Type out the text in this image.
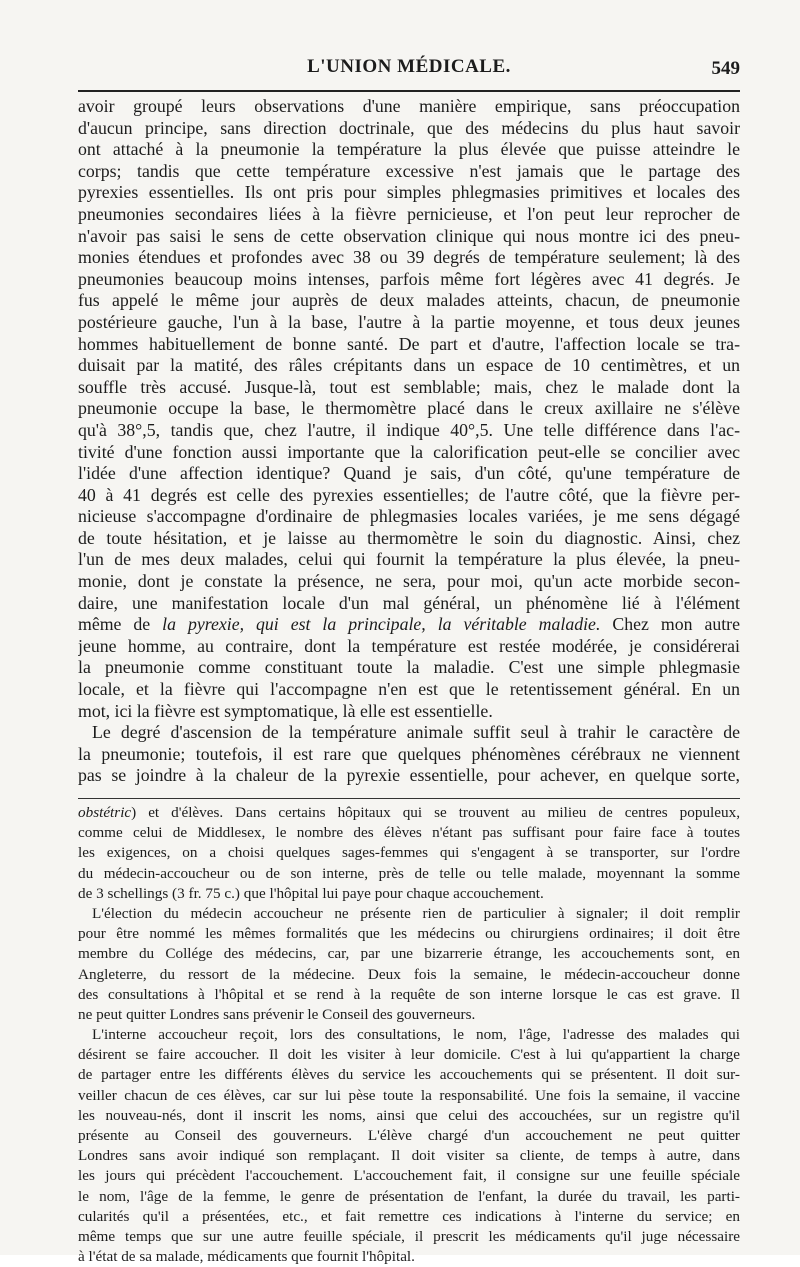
L'UNION MÉDICALE.	549
avoir groupé leurs observations d'une manière empirique, sans préoccupation
d'aucun principe, sans direction doctrinale, que des médecins du plus haut savoir
ont attaché à la pneumonie la température la plus élevée que puisse atteindre le
corps; tandis que cette température excessive n'est jamais que le partage des
pyrexies essentielles. Ils ont pris pour simples phlegmasies primitives et locales des
pneumonies secondaires liées à la fièvre pernicieuse, et l'on peut leur reprocher de
n'avoir pas saisi le sens de cette observation clinique qui nous montre ici des pneu-
monies étendues et profondes avec 38 ou 39 degrés de température seulement; là des
pneumonies beaucoup moins intenses, parfois même fort légères avec 41 degrés. Je
fus appelé le même jour auprès de deux malades atteints, chacun, de pneumonie
postérieure gauche, l'un à la base, l'autre à la partie moyenne, et tous deux jeunes
hommes habituellement de bonne santé. De part et d'autre, l'affection locale se tra-
duisait par la matité, des râles crépitants dans un espace de 10 centimètres, et un
souffle très accusé. Jusque-là, tout est semblable; mais, chez le malade dont la
pneumonie occupe la base, le thermomètre placé dans le creux axillaire ne s'élève
qu'à 38°,5, tandis que, chez l'autre, il indique 40°,5. Une telle différence dans l'ac-
tivité d'une fonction aussi importante que la calorification peut-elle se concilier avec
l'idée d'une affection identique? Quand je sais, d'un côté, qu'une température de
40 à 41 degrés est celle des pyrexies essentielles; de l'autre côté, que la fièvre per-
nicieuse s'accompagne d'ordinaire de phlegmasies locales variées, je me sens dégagé
de toute hésitation, et je laisse au thermomètre le soin du diagnostic. Ainsi, chez
l'un de mes deux malades, celui qui fournit la température la plus élevée, la pneu-
monie, dont je constate la présence, ne sera, pour moi, qu'un acte morbide secon-
daire, une manifestation locale d'un mal général, un phénomène lié à l'élément
même de la pyrexie, qui est la principale, la véritable maladie. Chez mon autre
jeune homme, au contraire, dont la température est restée modérée, je considérerai
la pneumonie comme constituant toute la maladie. C'est une simple phlegmasie
locale, et la fièvre qui l'accompagne n'en est que le retentissement général. En un
mot, ici la fièvre est symptomatique, là elle est essentielle.
Le degré d'ascension de la température animale suffit seul à trahir le caractère de
la pneumonie; toutefois, il est rare que quelques phénomènes cérébraux ne viennent
pas se joindre à la chaleur de la pyrexie essentielle, pour achever, en quelque sorte,
obstétric) et d'élèves. Dans certains hôpitaux qui se trouvent au milieu de centres populeux,
comme celui de Middlesex, le nombre des élèves n'étant pas suffisant pour faire face à toutes
les exigences, on a choisi quelques sages-femmes qui s'engagent à se transporter, sur l'ordre
du médecin-accoucheur ou de son interne, près de telle ou telle malade, moyennant la somme
de 3 schellings (3 fr. 75 c.) que l'hôpital lui paye pour chaque accouchement.
L'élection du médecin accoucheur ne présente rien de particulier à signaler; il doit remplir
pour être nommé les mêmes formalités que les médecins ou chirurgiens ordinaires; il doit être
membre du Collége des médecins, car, par une bizarrerie étrange, les accouchements sont, en
Angleterre, du ressort de la médecine. Deux fois la semaine, le médecin-accoucheur donne
des consultations à l'hôpital et se rend à la requête de son interne lorsque le cas est grave. Il
ne peut quitter Londres sans prévenir le Conseil des gouverneurs.
L'interne accoucheur reçoit, lors des consultations, le nom, l'âge, l'adresse des malades qui
désirent se faire accoucher. Il doit les visiter à leur domicile. C'est à lui qu'appartient la charge
de partager entre les différents élèves du service les accouchements qui se présentent. Il doit sur-
veiller chacun de ces élèves, car sur lui pèse toute la responsabilité. Une fois la semaine, il vaccine
les nouveau-nés, dont il inscrit les noms, ainsi que celui des accouchées, sur un registre qu'il
présente au Conseil des gouverneurs. L'élève chargé d'un accouchement ne peut quitter
Londres sans avoir indiqué son remplaçant. Il doit visiter sa cliente, de temps à autre, dans
les jours qui précèdent l'accouchement. L'accouchement fait, il consigne sur une feuille spéciale
le nom, l'âge de la femme, le genre de présentation de l'enfant, la durée du travail, les parti-
cularités qu'il a présentées, etc., et fait remettre ces indications à l'interne du service; en
même temps que sur une autre feuille spéciale, il prescrit les médicaments qu'il juge nécessaire
à l'état de sa malade, médicaments que fournit l'hôpital.
